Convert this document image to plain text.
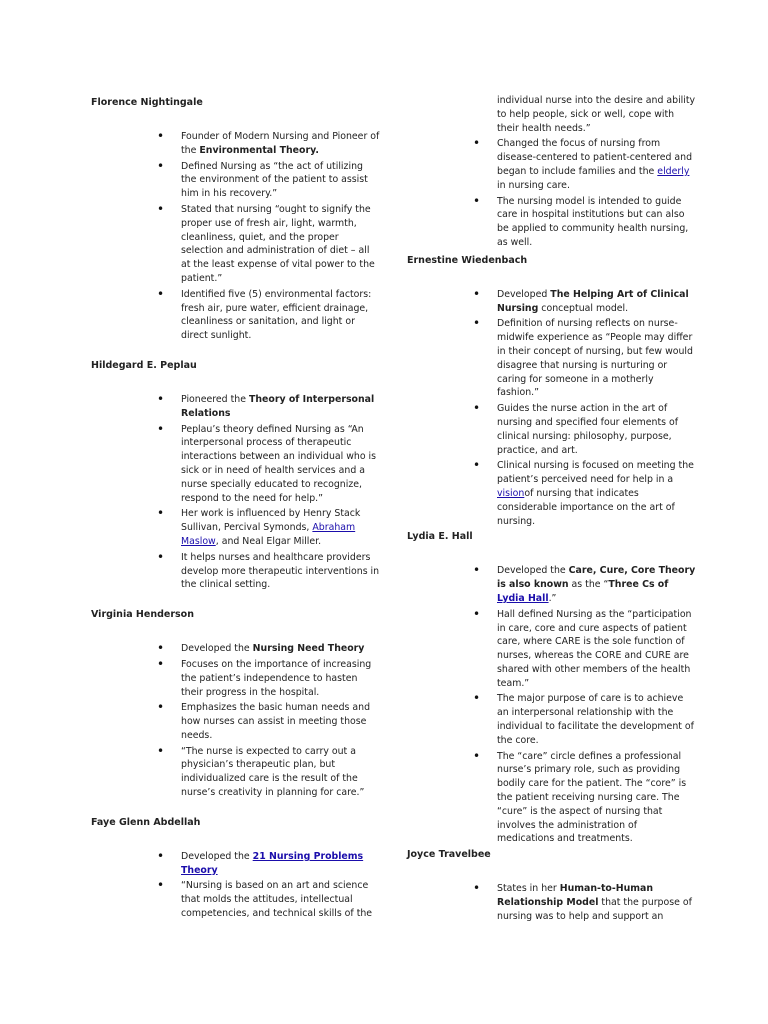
Florence Nightingale
• Founder of Modern Nursing and Pioneer of the Environmental Theory.
• Defined Nursing as “the act of utilizing the environment of the patient to assist him in his recovery.”
• Stated that nursing “ought to signify the proper use of fresh air, light, warmth, cleanliness, quiet, and the proper selection and administration of diet – all at the least expense of vital power to the patient.”
• Identified five (5) environmental factors: fresh air, pure water, efficient drainage, cleanliness or sanitation, and light or direct sunlight.
Hildegard E. Peplau
• Pioneered the Theory of Interpersonal Relations
• Peplau’s theory defined Nursing as “An interpersonal process of therapeutic interactions between an individual who is sick or in need of health services and a nurse specially educated to recognize, respond to the need for help.”
• Her work is influenced by Henry Stack Sullivan, Percival Symonds, Abraham Maslow, and Neal Elgar Miller.
• It helps nurses and healthcare providers develop more therapeutic interventions in the clinical setting.
Virginia Henderson
• Developed the Nursing Need Theory
• Focuses on the importance of increasing the patient’s independence to hasten their progress in the hospital.
• Emphasizes the basic human needs and how nurses can assist in meeting those needs.
• “The nurse is expected to carry out a physician’s therapeutic plan, but individualized care is the result of the nurse’s creativity in planning for care.”
Faye Glenn Abdellah
• Developed the 21 Nursing Problems Theory
• “Nursing is based on an art and science that molds the attitudes, intellectual competencies, and technical skills of the
individual nurse into the desire and ability to help people, sick or well, cope with their health needs.”
• Changed the focus of nursing from disease-centered to patient-centered and began to include families and the elderly in nursing care.
• The nursing model is intended to guide care in hospital institutions but can also be applied to community health nursing, as well.
Ernestine Wiedenbach
• Developed The Helping Art of Clinical Nursing conceptual model.
• Definition of nursing reflects on nurse-midwife experience as “People may differ in their concept of nursing, but few would disagree that nursing is nurturing or caring for someone in a motherly fashion.”
• Guides the nurse action in the art of nursing and specified four elements of clinical nursing: philosophy, purpose, practice, and art.
• Clinical nursing is focused on meeting the patient’s perceived need for help in a visionof nursing that indicates considerable importance on the art of nursing.
Lydia E. Hall
• Developed the Care, Cure, Core Theory is also known as the “Three Cs of Lydia Hall.”
• Hall defined Nursing as the “participation in care, core and cure aspects of patient care, where CARE is the sole function of nurses, whereas the CORE and CURE are shared with other members of the health team.”
• The major purpose of care is to achieve an interpersonal relationship with the individual to facilitate the development of the core.
• The “care” circle defines a professional nurse’s primary role, such as providing bodily care for the patient. The “core” is the patient receiving nursing care. The “cure” is the aspect of nursing that involves the administration of medications and treatments.
Joyce Travelbee
• States in her Human-to-Human Relationship Model that the purpose of nursing was to help and support an
